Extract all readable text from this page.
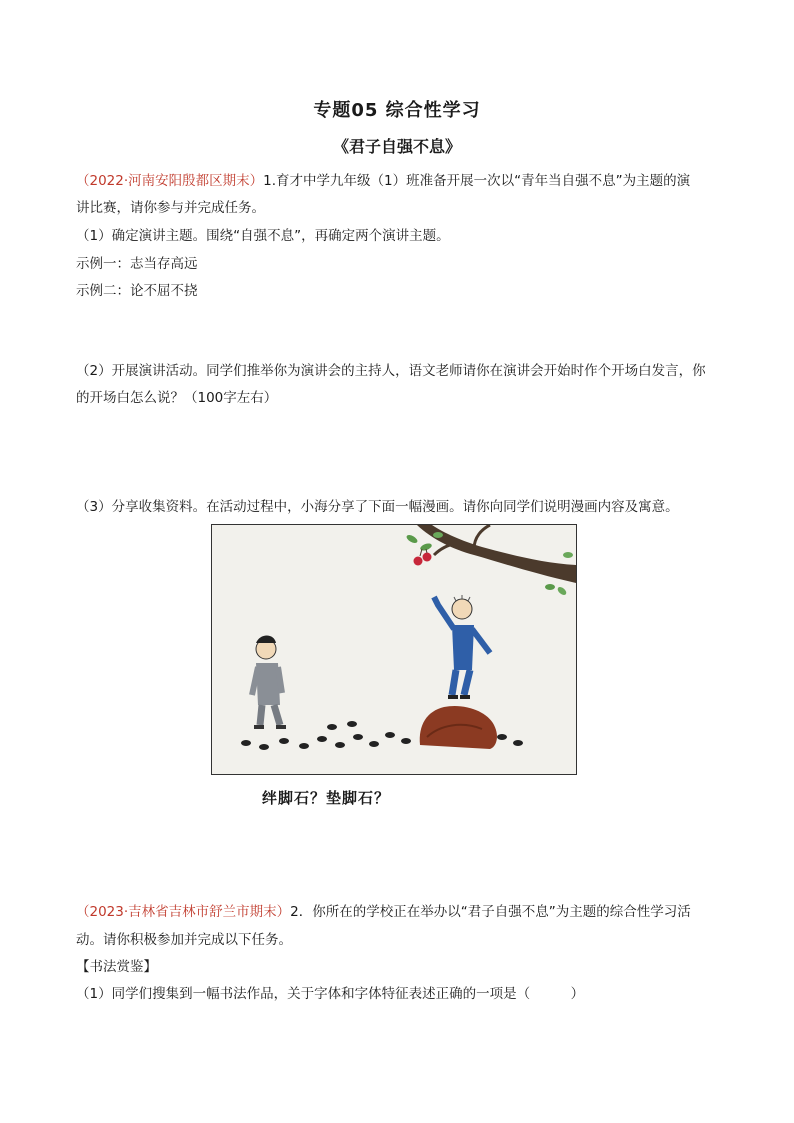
专题05 综合性学习
《君子自强不息》
（2022·河南安阳殷都区期末）1.育才中学九年级（1）班准备开展一次以“青年当自强不息”为主题的演
讲比赛，请你参与并完成任务。
（1）确定演讲主题。围绕“自强不息”，再确定两个演讲主题。
示例一：志当存高远
示例二：论不屈不挠
（2）开展演讲活动。同学们推举你为演讲会的主持人，语文老师请你在演讲会开始时作个开场白发言，你
的开场白怎么说？（100字左右）
（3）分享收集资料。在活动过程中，小海分享了下面一幅漫画。请你向同学们说明漫画内容及寓意。
绊脚石？垫脚石？
（2023·吉林省吉林市舒兰市期末）2．你所在的学校正在举办以“君子自强不息”为主题的综合性学习活
动。请你积极参加并完成以下任务。
【书法赏鉴】
（1）同学们搜集到一幅书法作品，关于字体和字体特征表述正确的一项是（　　　）
